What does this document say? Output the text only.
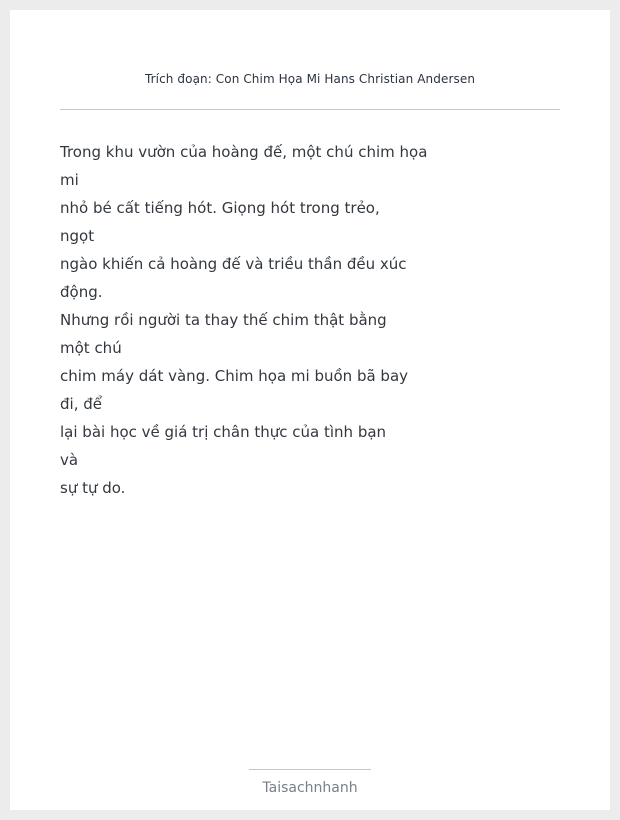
Trích đoạn: Con Chim Họa Mi Hans Christian Andersen
Trong khu vườn của hoàng đế, một chú chim họa
mi
nhỏ bé cất tiếng hót. Giọng hót trong trẻo,
ngọt
ngào khiến cả hoàng đế và triều thần đều xúc
động.
Nhưng rồi người ta thay thế chim thật bằng
một chú
chim máy dát vàng. Chim họa mi buồn bã bay
đi, để
lại bài học về giá trị chân thực của tình bạn
và
sự tự do.
Taisachnhanh
